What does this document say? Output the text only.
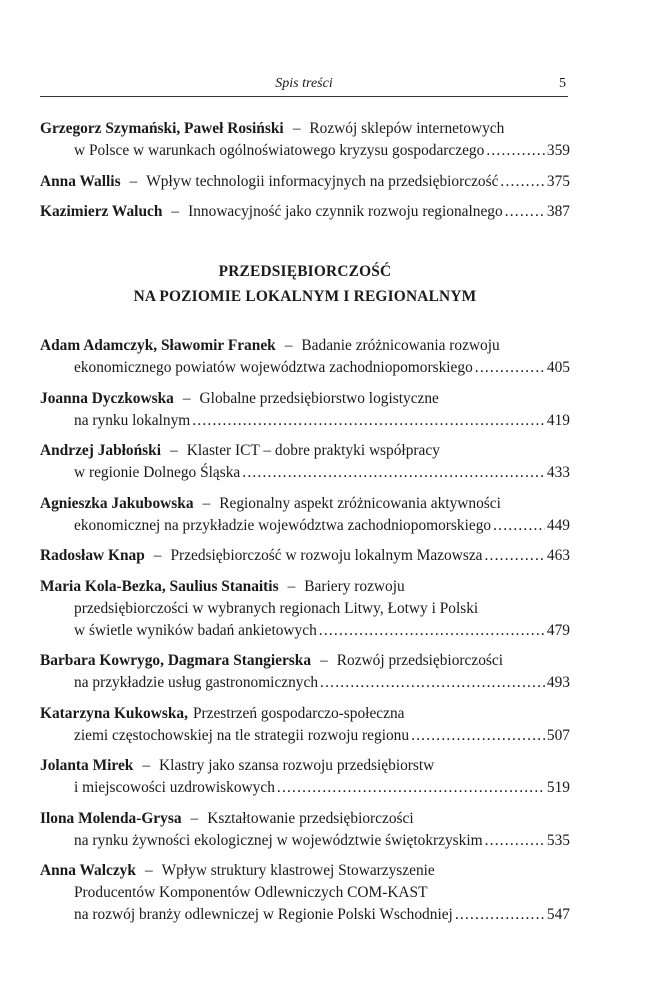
Spis treści	5
Grzegorz Szymański, Paweł Rosiński – Rozwój sklepów internetowych
w Polsce w warunkach ogólnoświatowego kryzysu gospodarczego .....	359
Anna Wallis – Wpływ technologii informacyjnych na przedsiębiorczość .....	375
Kazimierz Waluch – Innowacyjność jako czynnik rozwoju regionalnego .....	387
PRZEDSIĘBIORCZOŚĆ
NA POZIOMIE LOKALNYM I REGIONALNYM
Adam Adamczyk, Sławomir Franek – Badanie zróżnicowania rozwoju
ekonomicznego powiatów województwa zachodniopomorskiego .....	405
Joanna Dyczkowska – Globalne przedsiębiorstwo logistyczne
na rynku lokalnym .....	419
Andrzej Jabłoński – Klaster ICT – dobre praktyki współpracy
w regionie Dolnego Śląska .....	433
Agnieszka Jakubowska – Regionalny aspekt zróżnicowania aktywności
ekonomicznej na przykładzie województwa zachodniopomorskiego .....	449
Radosław Knap – Przedsiębiorczość w rozwoju lokalnym Mazowsza .....	463
Maria Kola-Bezka, Saulius Stanaitis – Bariery rozwoju
przedsiębiorczości w wybranych regionach Litwy, Łotwy i Polski
w świetle wyników badań ankietowych .....	479
Barbara Kowrygo, Dagmara Stangierska – Rozwój przedsiębiorczości
na przykładzie usług gastronomicznych .....	493
Katarzyna Kukowska, Przestrzeń gospodarczo-społeczna
ziemi częstochowskiej na tle strategii rozwoju regionu .....	507
Jolanta Mirek – Klastry jako szansa rozwoju przedsiębiorstw
i miejscowości uzdrowiskowych .....	519
Ilona Molenda-Grysa – Kształtowanie przedsiębiorczości
na rynku żywności ekologicznej w województwie świętokrzyskim .....	535
Anna Walczyk – Wpływ struktury klastrowej Stowarzyszenie
Producentów Komponentów Odlewniczych COM-KAST
na rozwój branży odlewniczej w Regionie Polski Wschodniej .....	547
